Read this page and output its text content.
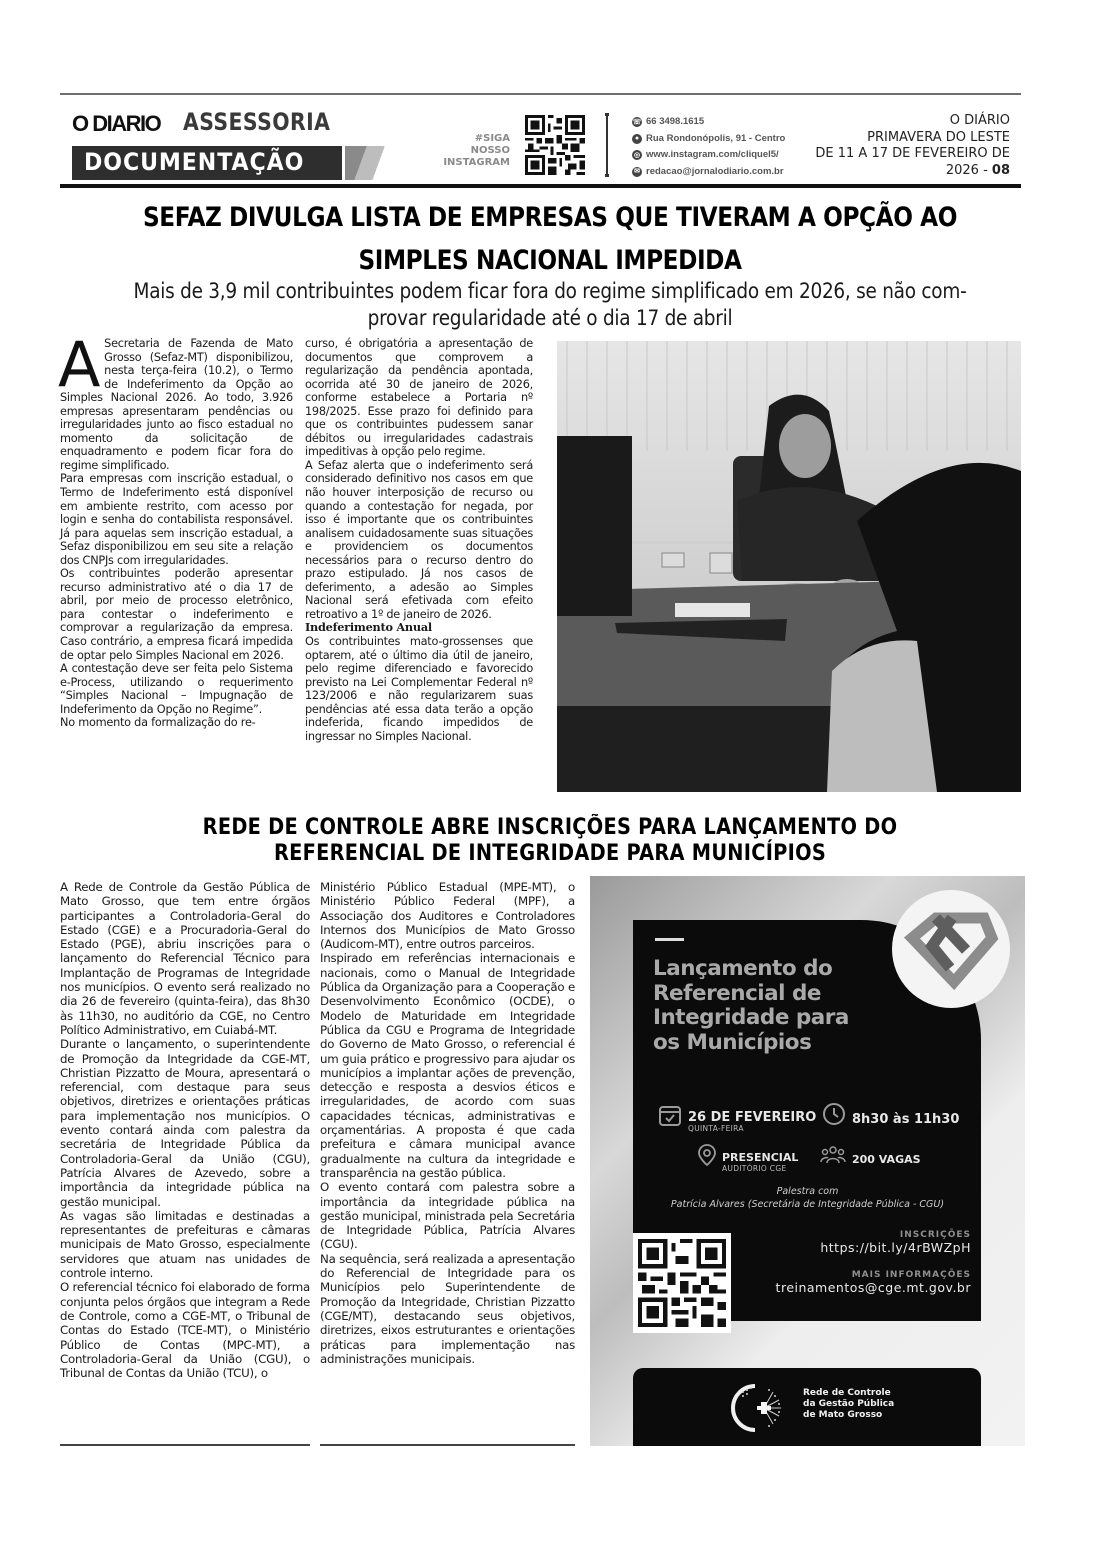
O DIARIO ASSESSORIA
DOCUMENTAÇÃO
#SIGA
NOSSO
INSTAGRAM
☏ 66 3498.1615
● Rua Rondonópolis, 91 - Centro
◎ www.instagram.com/cliquel5/
✉ redacao@jornalodiario.com.br
O DIÁRIO
PRIMAVERA DO LESTE
DE 11 A 17 DE FEVEREIRO DE
2026 - 08
SEFAZ DIVULGA LISTA DE EMPRESAS QUE TIVERAM A OPÇÃO AO
SIMPLES NACIONAL IMPEDIDA
Mais de 3,9 mil contribuintes podem ficar fora do regime simplificado em 2026, se não com-
provar regularidade até o dia 17 de abril

A Secretaria de Fazenda de Mato Grosso (Sefaz-MT) disponibilizou, nesta terça-feira (10.2), o Termo de Indeferimento da Opção ao Simples Nacional 2026. Ao todo, 3.926 empresas apresentaram pendências ou irregularidades junto ao fisco estadual no momento da solicitação de enquadramento e podem ficar fora do regime simplificado.

Para empresas com inscrição estadual, o Termo de Indeferimento está disponível em ambiente restrito, com acesso por login e senha do contabilista responsável. Já para aquelas sem inscrição estadual, a Sefaz disponibilizou em seu site a relação dos CNPJs com irregularidades.

Os contribuintes poderão apresentar recurso administrativo até o dia 17 de abril, por meio de processo eletrônico, para contestar o indeferimento e comprovar a regularização da empresa. Caso contrário, a empresa ficará impedida de optar pelo Simples Nacional em 2026.

A contestação deve ser feita pelo Sistema e-Process, utilizando o requerimento “Simples Nacional – Impugnação de Indeferimento da Opção no Regime”.

No momento da formalização do re-

curso, é obrigatória a apresentação de documentos que comprovem a regularização da pendência apontada, ocorrida até 30 de janeiro de 2026, conforme estabelece a Portaria nº 198/2025. Esse prazo foi definido para que os contribuintes pudessem sanar débitos ou irregularidades cadastrais impeditivas à opção pelo regime.

A Sefaz alerta que o indeferimento será considerado definitivo nos casos em que não houver interposição de recurso ou quando a contestação for negada, por isso é importante que os contribuintes analisem cuidadosamente suas situações e providenciem os documentos necessários para o recurso dentro do prazo estipulado. Já nos casos de deferimento, a adesão ao Simples Nacional será efetivada com efeito retroativo a 1º de janeiro de 2026.

Indeferimento Anual

Os contribuintes mato-grossenses que optarem, até o último dia útil de janeiro, pelo regime diferenciado e favorecido previsto na Lei Complementar Federal nº 123/2006 e não regularizarem suas pendências até essa data terão a opção indeferida, ficando impedidos de ingressar no Simples Nacional.

REDE DE CONTROLE ABRE INSCRIÇÕES PARA LANÇAMENTO DO
REFERENCIAL DE INTEGRIDADE PARA MUNICÍPIOS

A Rede de Controle da Gestão Pública de Mato Grosso, que tem entre órgãos participantes a Controladoria-Geral do Estado (CGE) e a Procuradoria-Geral do Estado (PGE), abriu inscrições para o lançamento do Referencial Técnico para Implantação de Programas de Integridade nos municípios. O evento será realizado no dia 26 de fevereiro (quinta-feira), das 8h30 às 11h30, no auditório da CGE, no Centro Político Administrativo, em Cuiabá-MT.

Durante o lançamento, o superintendente de Promoção da Integridade da CGE-MT, Christian Pizzatto de Moura, apresentará o referencial, com destaque para seus objetivos, diretrizes e orientações práticas para implementação nos municípios. O evento contará ainda com palestra da secretária de Integridade Pública da Controladoria-Geral da União (CGU), Patrícia Alvares de Azevedo, sobre a importância da integridade pública na gestão municipal.

As vagas são limitadas e destinadas a representantes de prefeituras e câmaras municipais de Mato Grosso, especialmente servidores que atuam nas unidades de controle interno.

O referencial técnico foi elaborado de forma conjunta pelos órgãos que integram a Rede de Controle, como a CGE-MT, o Tribunal de Contas do Estado (TCE-MT), o Ministério Público de Contas (MPC-MT), a Controladoria-Geral da União (CGU), o Tribunal de Contas da União (TCU), o

Ministério Público Estadual (MPE-MT), o Ministério Público Federal (MPF), a Associação dos Auditores e Controladores Internos dos Municípios de Mato Grosso (Audicom-MT), entre outros parceiros.

Inspirado em referências internacionais e nacionais, como o Manual de Integridade Pública da Organização para a Cooperação e Desenvolvimento Econômico (OCDE), o Modelo de Maturidade em Integridade Pública da CGU e Programa de Integridade do Governo de Mato Grosso, o referencial é um guia prático e progressivo para ajudar os municípios a implantar ações de prevenção, detecção e resposta a desvios éticos e irregularidades, de acordo com suas capacidades técnicas, administrativas e orçamentárias. A proposta é que cada prefeitura e câmara municipal avance gradualmente na cultura da integridade e transparência na gestão pública.

O evento contará com palestra sobre a importância da integridade pública na gestão municipal, ministrada pela Secretária de Integridade Pública, Patrícia Alvares (CGU).

Na sequência, será realizada a apresentação do Referencial de Integridade para os Municípios pelo Superintendente de Promoção da Integridade, Christian Pizzatto (CGE/MT), destacando seus objetivos, diretrizes, eixos estruturantes e orientações práticas para implementação nas administrações municipais.

Lançamento do
Referencial de
Integridade para
os Municípios
26 DE FEVEREIRO
QUINTA-FEIRA
8h30 às 11h30
PRESENCIAL
AUDITÓRIO CGE
200 VAGAS
Palestra com
Patrícia Alvares (Secretária de Integridade Pública - CGU)
INSCRIÇÕES
https://bit.ly/4rBWZpH
MAIS INFORMAÇÕES
treinamentos@cge.mt.gov.br
Rede de Controle
da Gestão Pública
de Mato Grosso
